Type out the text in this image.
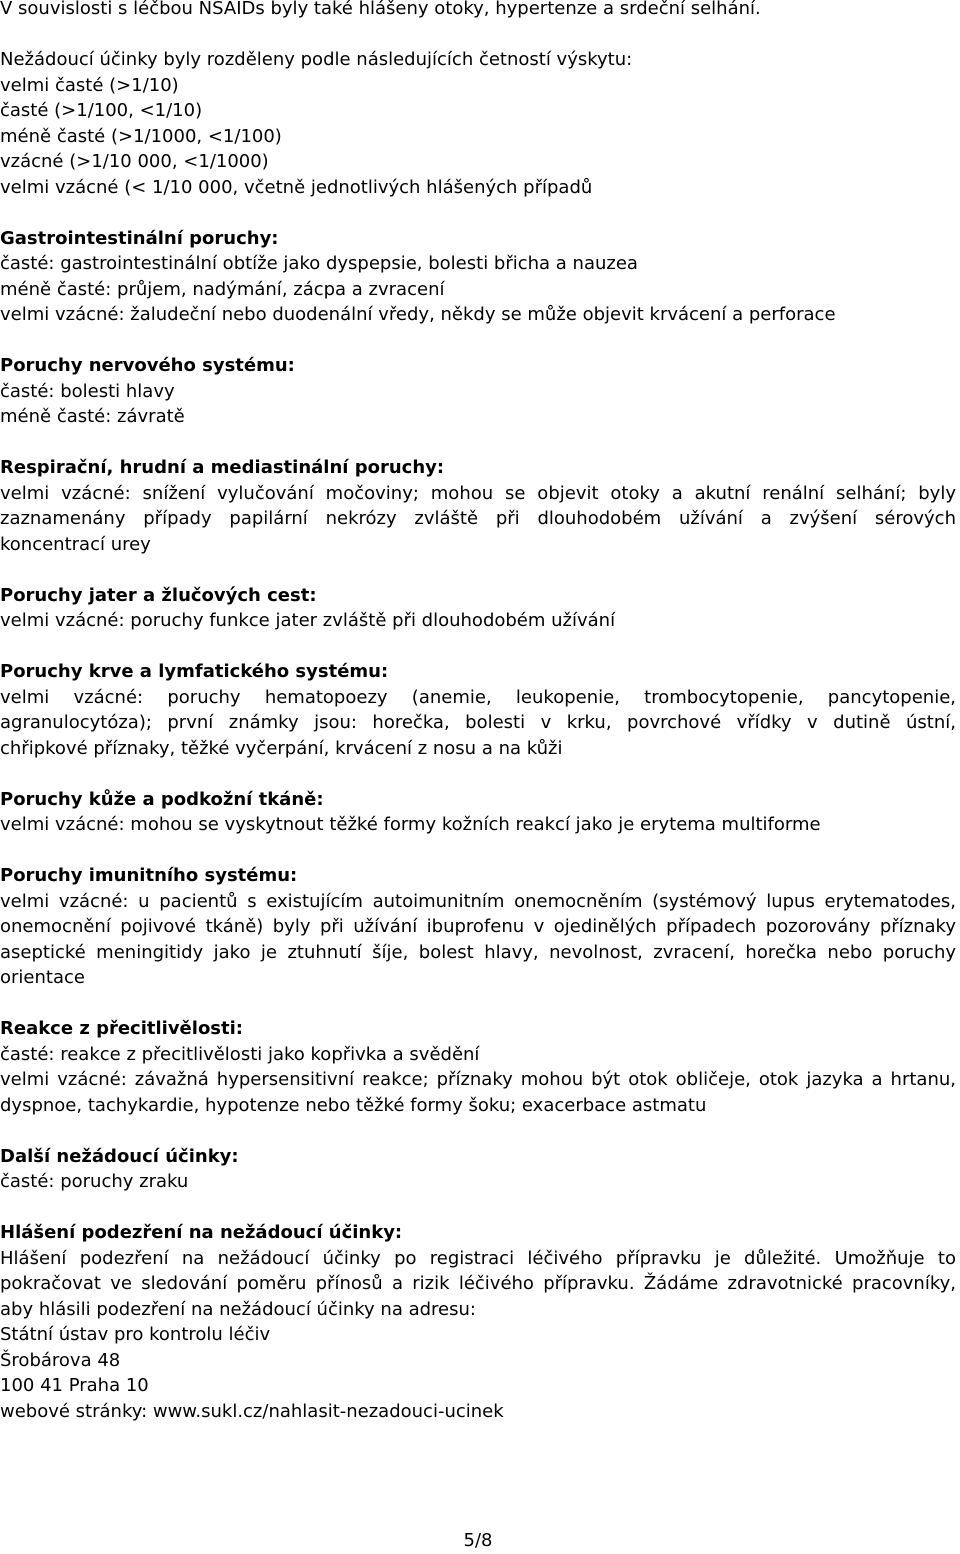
V souvislosti s léčbou NSAIDs byly také hlášeny otoky, hypertenze a srdeční selhání.
Nežádoucí účinky byly rozděleny podle následujících četností výskytu:
velmi časté (>1/10)
časté (>1/100, <1/10)
méně časté (>1/1000, <1/100)
vzácné (>1/10 000, <1/1000)
velmi vzácné (< 1/10 000, včetně jednotlivých hlášených případů
Gastrointestinální poruchy:
časté: gastrointestinální obtíže jako dyspepsie, bolesti břicha a nauzea
méně časté: průjem, nadýmání, zácpa a zvracení
velmi vzácné: žaludeční nebo duodenální vředy, někdy se může objevit krvácení a perforace
Poruchy nervového systému:
časté: bolesti hlavy
méně časté: závratě
Respirační, hrudní a mediastinální poruchy:
velmi vzácné: snížení vylučování močoviny; mohou se objevit otoky a akutní renální selhání; byly
zaznamenány případy papilární nekrózy zvláště při dlouhodobém užívání a zvýšení sérových
koncentrací urey
Poruchy jater a žlučových cest:
velmi vzácné: poruchy funkce jater zvláště při dlouhodobém užívání
Poruchy krve a lymfatického systému:
velmi vzácné: poruchy hematopoezy (anemie, leukopenie, trombocytopenie, pancytopenie,
agranulocytóza); první známky jsou: horečka, bolesti v krku, povrchové vřídky v dutině ústní,
chřipkové příznaky, těžké vyčerpání, krvácení z nosu a na kůži
Poruchy kůže a podkožní tkáně:
velmi vzácné: mohou se vyskytnout těžké formy kožních reakcí jako je erytema multiforme
Poruchy imunitního systému:
velmi vzácné: u pacientů s existujícím autoimunitním onemocněním (systémový lupus erytematodes,
onemocnění pojivové tkáně) byly při užívání ibuprofenu v ojedinělých případech pozorovány příznaky
aseptické meningitidy jako je ztuhnutí šíje, bolest hlavy, nevolnost, zvracení, horečka nebo poruchy
orientace
Reakce z přecitlivělosti:
časté: reakce z přecitlivělosti jako kopřivka a svědění
velmi vzácné: závažná hypersensitivní reakce; příznaky mohou být otok obličeje, otok jazyka a hrtanu,
dyspnoe, tachykardie, hypotenze nebo těžké formy šoku; exacerbace astmatu
Další nežádoucí účinky:
časté: poruchy zraku
Hlášení podezření na nežádoucí účinky:
Hlášení podezření na nežádoucí účinky po registraci léčivého přípravku je důležité. Umožňuje to
pokračovat ve sledování poměru přínosů a rizik léčivého přípravku. Žádáme zdravotnické pracovníky,
aby hlásili podezření na nežádoucí účinky na adresu:
Státní ústav pro kontrolu léčiv
Šrobárova 48
100 41 Praha 10
webové stránky: www.sukl.cz/nahlasit-nezadouci-ucinek
5/8
